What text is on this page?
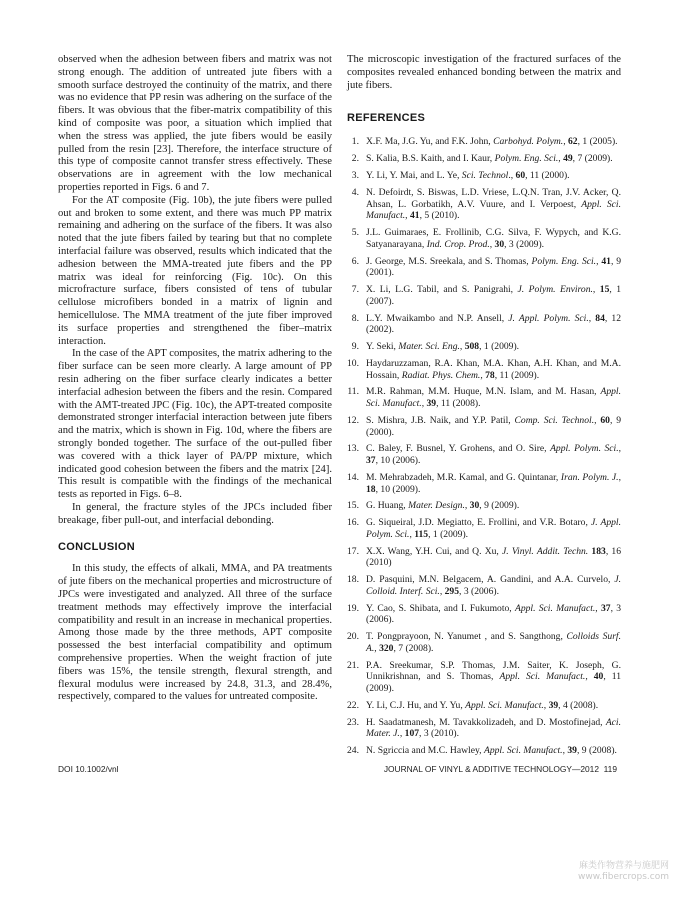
observed when the adhesion between fibers and matrix was not strong enough. The addition of untreated jute fibers with a smooth surface destroyed the continuity of the matrix, and there was no evidence that PP resin was adhering on the surface of the fibers. It was obvious that the fiber-matrix compatibility of this kind of composite was poor, a situation which implied that when the stress was applied, the jute fibers would be easily pulled from the resin [23]. Therefore, the interface structure of this type of composite cannot transfer stress effectively. These observations are in agreement with the low mechanical properties reported in Figs. 6 and 7.

For the AT composite (Fig. 10b), the jute fibers were pulled out and broken to some extent, and there was much PP matrix remaining and adhering on the surface of the fibers. It was also noted that the jute fibers failed by tearing but that no complete interfacial failure was observed, results which indicated that the adhesion between the MMA-treated jute fibers and the PP matrix was ideal for reinforcing (Fig. 10c). On this microfracture surface, fibers consisted of tens of tubular cellulose microfibers bonded in a matrix of lignin and hemicellulose. The MMA treatment of the jute fiber improved its surface properties and strengthened the fiber–matrix interaction.

In the case of the APT composites, the matrix adhering to the fiber surface can be seen more clearly. A large amount of PP resin adhering on the fiber surface clearly indicates a better interfacial adhesion between the fibers and the resin. Compared with the AMT-treated JPC (Fig. 10c), the APT-treated composite demonstrated stronger interfacial interaction between jute fibers and the matrix, which is shown in Fig. 10d, where the fibers are strongly bonded together. The surface of the out-pulled fiber was covered with a thick layer of PA/PP mixture, which indicated good cohesion between the fibers and the matrix [24]. This result is compatible with the findings of the mechanical tests as reported in Figs. 6–8.

In general, the fracture styles of the JPCs included fiber breakage, fiber pull-out, and interfacial debonding.

CONCLUSION

In this study, the effects of alkali, MMA, and PA treatments of jute fibers on the mechanical properties and microstructure of JPCs were investigated and analyzed. All three of the surface treatment methods may effectively improve the interfacial compatibility and result in an increase in mechanical properties. Among those made by the three methods, APT composite possessed the best interfacial compatibility and optimum comprehensive properties. When the weight fraction of jute fibers was 15%, the tensile strength, flexural strength, and flexural modulus were increased by 24.8, 31.3, and 28.4%, respectively, compared to the values for untreated composite.

The microscopic investigation of the fractured surfaces of the composites revealed enhanced bonding between the matrix and jute fibers.

REFERENCES
1. X.F. Ma, J.G. Yu, and F.K. John, Carbohyd. Polym., 62, 1 (2005).
2. S. Kalia, B.S. Kaith, and I. Kaur, Polym. Eng. Sci., 49, 7 (2009).
3. Y. Li, Y. Mai, and L. Ye, Sci. Technol., 60, 11 (2000).
4. N. Defoirdt, S. Biswas, L.D. Vriese, L.Q.N. Tran, J.V. Acker, Q. Ahsan, L. Gorbatikh, A.V. Vuure, and I. Verpoest, Appl. Sci. Manufact., 41, 5 (2010).
5. J.L. Guimaraes, E. Frollinib, C.G. Silva, F. Wypych, and K.G. Satyanarayana, Ind. Crop. Prod., 30, 3 (2009).
6. J. George, M.S. Sreekala, and S. Thomas, Polym. Eng. Sci., 41, 9 (2001).
7. X. Li, L.G. Tabil, and S. Panigrahi, J. Polym. Environ., 15, 1 (2007).
8. L.Y. Mwaikambo and N.P. Ansell, J. Appl. Polym. Sci., 84, 12 (2002).
9. Y. Seki, Mater. Sci. Eng., 508, 1 (2009).
10. Haydaruzzaman, R.A. Khan, M.A. Khan, A.H. Khan, and M.A. Hossain, Radiat. Phys. Chem., 78, 11 (2009).
11. M.R. Rahman, M.M. Huque, M.N. Islam, and M. Hasan, Appl. Sci. Manufact., 39, 11 (2008).
12. S. Mishra, J.B. Naik, and Y.P. Patil, Comp. Sci. Technol., 60, 9 (2000).
13. C. Baley, F. Busnel, Y. Grohens, and O. Sire, Appl. Polym. Sci., 37, 10 (2006).
14. M. Mehrabzadeh, M.R. Kamal, and G. Quintanar, Iran. Polym. J., 18, 10 (2009).
15. G. Huang, Mater. Design., 30, 9 (2009).
16. G. Siqueiral, J.D. Megiatto, E. Frollini, and V.R. Botaro, J. Appl. Polym. Sci., 115, 1 (2009).
17. X.X. Wang, Y.H. Cui, and Q. Xu, J. Vinyl. Addit. Techn. 183, 16 (2010)
18. D. Pasquini, M.N. Belgacem, A. Gandini, and A.A. Curvelo, J. Colloid. Interf. Sci., 295, 3 (2006).
19. Y. Cao, S. Shibata, and I. Fukumoto, Appl. Sci. Manufact., 37, 3 (2006).
20. T. Pongprayoon, N. Yanumet , and S. Sangthong, Colloids Surf. A., 320, 7 (2008).
21. P.A. Sreekumar, S.P. Thomas, J.M. Saiter, K. Joseph, G. Unnikrishnan, and S. Thomas, Appl. Sci. Manufact., 40, 11 (2009).
22. Y. Li, C.J. Hu, and Y. Yu, Appl. Sci. Manufact., 39, 4 (2008).
23. H. Saadatmanesh, M. Tavakkolizadeh, and D. Mostofinejad, Aci. Mater. J., 107, 3 (2010).
24. N. Sgriccia and M.C. Hawley, Appl. Sci. Manufact., 39, 9 (2008).
DOI 10.1002/vnl	JOURNAL OF VINYL & ADDITIVE TECHNOLOGY—2012 119
麻类作物营养与施肥网
www.fibercrops.com
